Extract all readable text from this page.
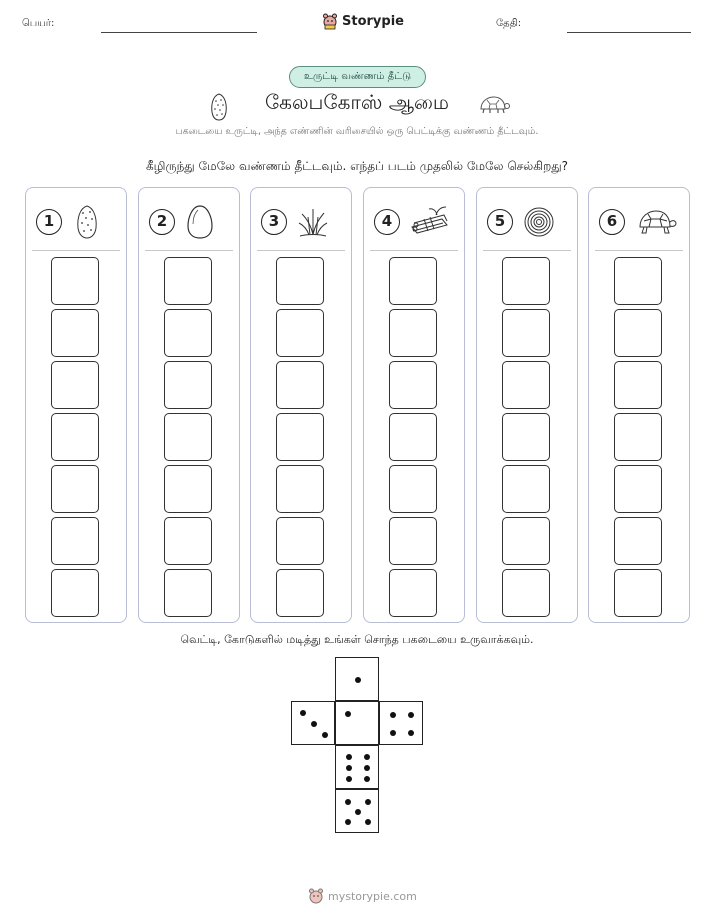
பெயர்:	Storypie	தேதி:
உருட்டி வண்ணம் தீட்டு
கேலபகோஸ் ஆமை
பகடையை உருட்டி, அந்த எண்ணின் வரிசையில் ஒரு பெட்டிக்கு வண்ணம் தீட்டவும்.
கீழிருந்து மேலே வண்ணம் தீட்டவும். எந்தப் படம் முதலில் மேலே செல்கிறது?
1	2	3	4	5	6
வெட்டி, கோடுகளில் மடித்து உங்கள் சொந்த பகடையை உருவாக்கவும்.
mystorypie.com
